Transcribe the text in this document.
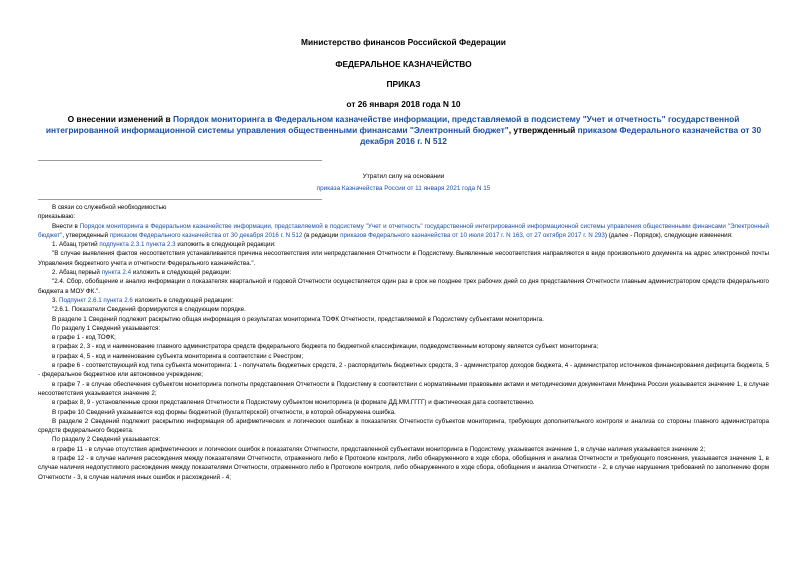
Министерство финансов Российской Федерации
ФЕДЕРАЛЬНОЕ КАЗНАЧЕЙСТВО
ПРИКАЗ
от 26 января 2018 года N 10
О внесении изменений в Порядок мониторинга в Федеральном казначействе информации, представляемой в подсистему "Учет и отчетность" государственной интегрированной информационной системы управления общественными финансами "Электронный бюджет", утвержденный приказом Федерального казначейства от 30 декабря 2016 г. N 512
Утратил силу на основании
приказа Казначейства России от 11 января 2021 года N 15

В связи со служебной необходимостью

приказываю:

Внести в Порядок мониторинга в Федеральном казначействе информации, представляемой в подсистему "Учет и отчетность" государственной интегрированной информационной системы управления общественными финансами "Электронный бюджет", утвержденный приказом Федерального казначейства от 30 декабря 2016 г. N 512 (в редакции приказов Федерального казначейства от 10 июля 2017 г. N 163, от 27 октября 2017 г. N 293) (далее - Порядок), следующие изменения:

1. Абзац третий подпункта 2.3.1 пункта 2.3 изложить в следующей редакции:

"В случае выявления фактов несоответствия устанавливается причина несоответствия или непредставления Отчетности в Подсистему. Выявленные несоответствия направляются в виде произвольного документа на адрес электронной почты Управления бюджетного учета и отчетности Федерального казначейства.".

2. Абзац первый пункта 2.4 изложить в следующей редакции:

"2.4. Сбор, обобщение и анализ информации о показателях квартальной и годовой Отчетности осуществляется один раз в срок не позднее трех рабочих дней со дня представления Отчетности главным администратором средств федерального бюджета в МОУ ФК.".

3. Подпункт 2.6.1 пункта 2.6 изложить в следующей редакции:

"2.6.1. Показатели Сведений формируются в следующем порядке.

В разделе 1 Сведений подлежит раскрытию общая информация о результатах мониторинга ТОФК Отчетности, представляемой в Подсистему субъектами мониторинга.

По разделу 1 Сведений указывается:

в графе 1 - код ТОФК;

в графах 2, 3 - код и наименование главного администратора средств федерального бюджета по бюджетной классификации, подведомственным которому является субъект мониторинга;

в графах 4, 5 - код и наименование субъекта мониторинга в соответствии с Реестром;

в графе 6 - соответствующий код типа субъекта мониторинга: 1 - получатель бюджетных средств, 2 - распорядитель бюджетных средств, 3 - администратор доходов бюджета, 4 - администратор источников финансирования дефицита бюджета, 5 - федеральное бюджетное или автономное учреждение;

в графе 7 - в случае обеспечения субъектом мониторинга полноты представления Отчетности в Подсистему в соответствии с нормативными правовыми актами и методическими документами Минфина России указывается значение 1, в случае несоответствия указывается значение 2;

в графах 8, 9 - установленные сроки представления Отчетности в Подсистему субъектом мониторинга (в формате ДД.ММ.ГГГГ) и фактическая дата соответственно.

В графе 10 Сведений указывается код формы бюджетной (бухгалтерской) отчетности, в которой обнаружена ошибка.

В разделе 2 Сведений подлежит раскрытию информация об арифметических и логических ошибках в показателях Отчетности субъектов мониторинга, требующих дополнительного контроля и анализа со стороны главного администратора средств федерального бюджета.

По разделу 2 Сведений указывается:

в графе 11 - в случае отсутствия арифметических и логических ошибок в показателях Отчетности, представленной субъектами мониторинга в Подсистему, указывается значение 1, в случае наличия указывается значение 2;

в графе 12 - в случае наличия расхождения между показателями Отчетности, отраженного либо в Протоколе контроля, либо обнаруженного в ходе сбора, обобщения и анализа Отчетности и требующего пояснения, указывается значение 1, в случае наличия недопустимого расхождения между показателями Отчетности, отраженного либо в Протоколе контроля, либо обнаруженного в ходе сбора, обобщения и анализа Отчетности - 2, в случае нарушения требований по заполнению форм Отчетности - 3, в случае наличия иных ошибок и расхождений - 4;
